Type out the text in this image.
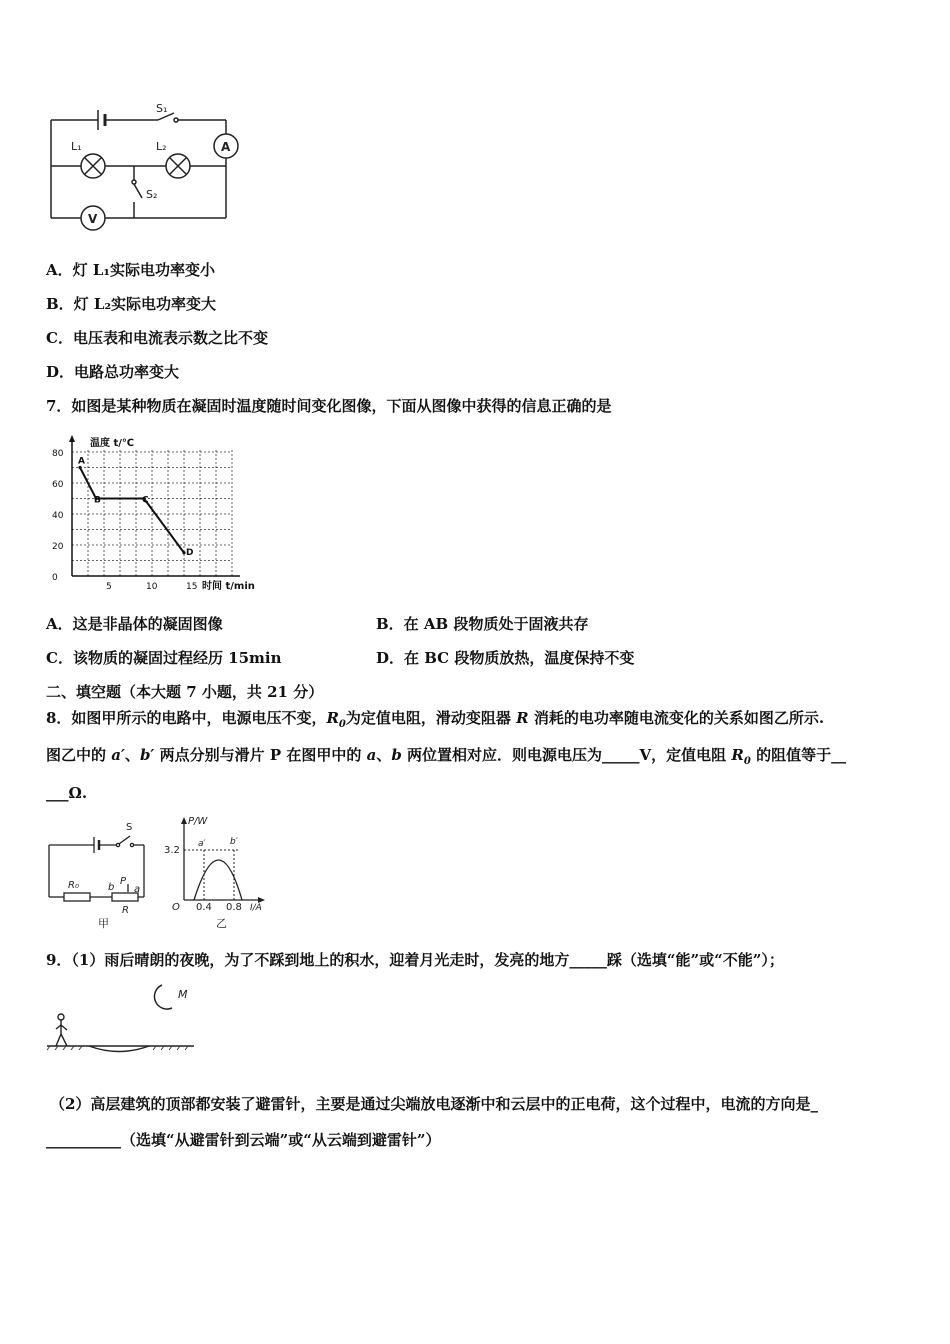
S₁
L₁	L₂	A
S₂
V
A．灯 L₁实际电功率变小
B．灯 L₂实际电功率变大
C．电压表和电流表示数之比不变
D．电路总功率变大
7．如图是某种物质在凝固时温度随时间变化图像，下面从图像中获得的信息正确的是
0
20
40
60
80
5	10	15
温度 t/℃
时间 t/min
A
B	C
D
A．这是非晶体的凝固图像	B．在 AB 段物质处于固液共存
C．该物质的凝固过程经历 15min	D．在 BC 段物质放热，温度保持不变
二、填空题（本大题 7 小题，共 21 分）
8．如图甲所示的电路中，电源电压不变，$R_0$为定值电阻，滑动变阻器 R 消耗的电功率随电流变化的关系如图乙所示.
图乙中的 a′、b′ 两点分别与滑片 P 在图甲中的 a、b 两位置相对应．则电源电压为_____V，定值电阻 $R_0$ 的阻值等于__
___Ω.
S
R₀	b
P
a
R
甲
P/W
3.2
a′	b′
O 0.4 0.8 I/A
乙
9．（1）雨后晴朗的夜晚，为了不踩到地上的积水，迎着月光走时，发亮的地方_____踩（选填“能”或“不能”）；
M
（2）高层建筑的顶部都安装了避雷针，主要是通过尖端放电逐渐中和云层中的正电荷，这个过程中，电流的方向是_
__________（选填“从避雷针到云端”或“从云端到避雷针”）
